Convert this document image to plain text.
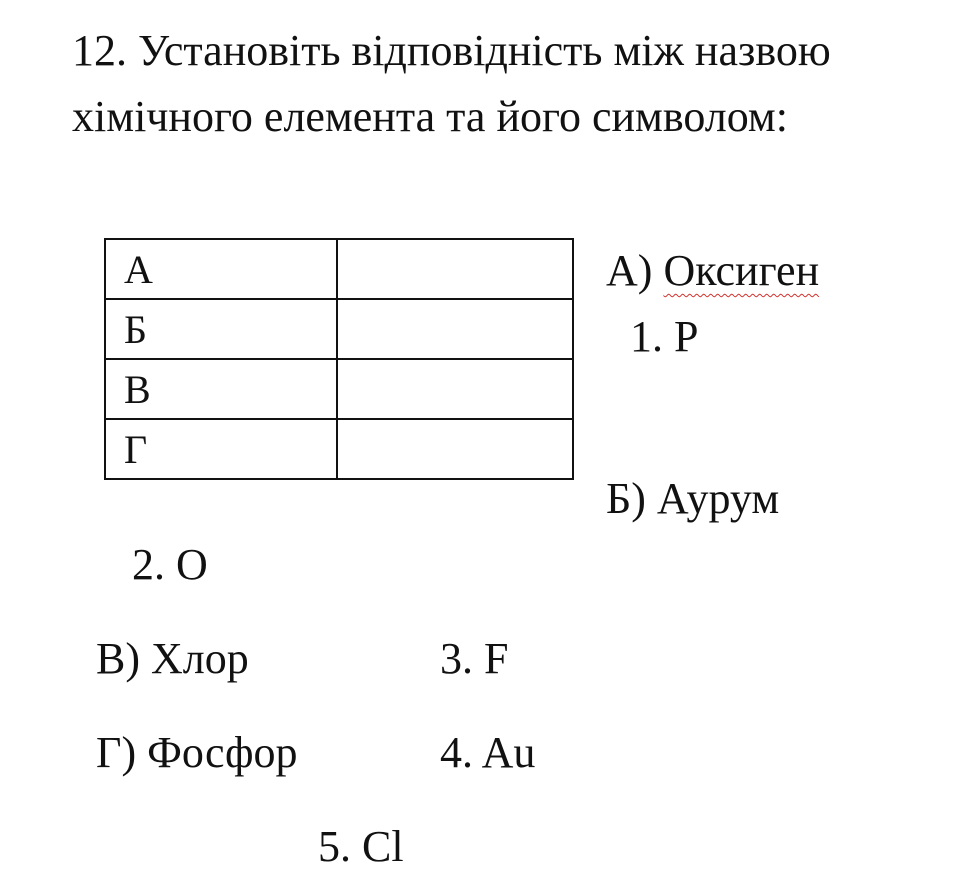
12. Установіть відповідність між назвою хімічного елемента та його символом:

А	
Б	
В	
Г	
А) Оксиген
Б) Аурум
В) Хлор
Г) Фосфор
1. P
2. O
3. F
4. Au
5. Cl
